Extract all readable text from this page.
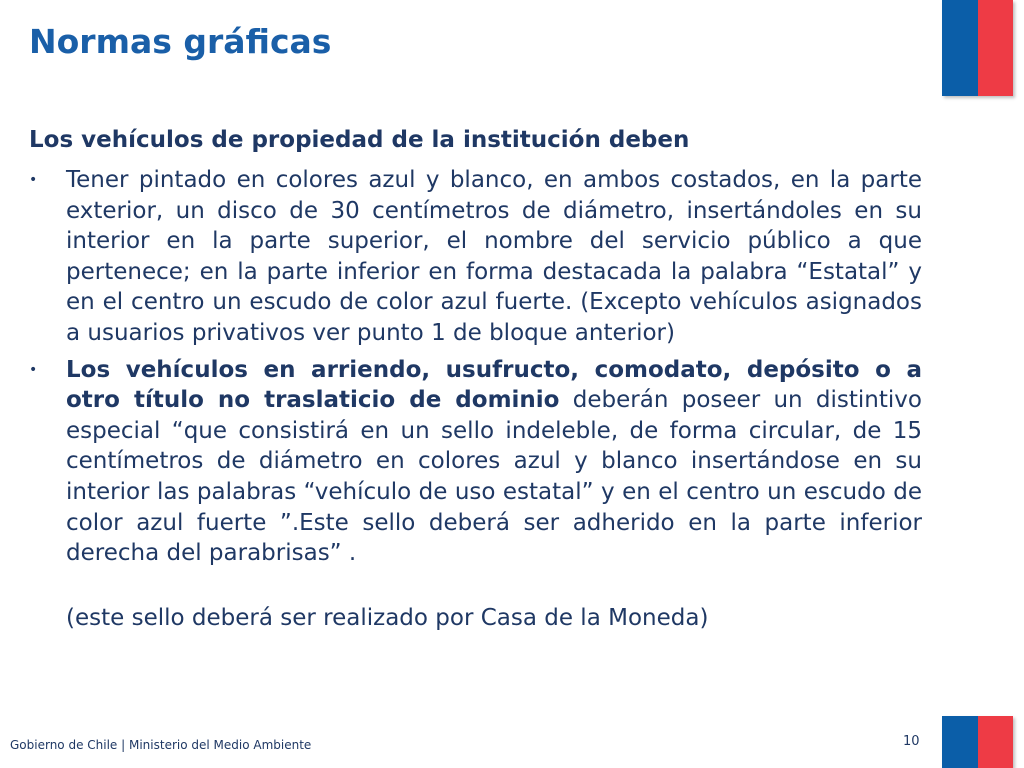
Normas gráficas
Los vehículos de propiedad de la institución deben
• Tener pintado en colores azul y blanco, en ambos costados, en la parte exterior, un disco de 30 centímetros de diámetro, insertándoles en su interior en la parte superior, el nombre del servicio público a que pertenece; en la parte inferior en forma destacada la palabra “Estatal” y en el centro un escudo de color azul fuerte. (Excepto vehículos asignados a usuarios privativos ver punto 1 de bloque anterior)
• Los vehículos en arriendo, usufructo, comodato, depósito o a otro título no traslaticio de dominio deberán poseer un distintivo especial “que consistirá en un sello indeleble, de forma circular, de 15 centímetros de diámetro en colores azul y blanco insertándose en su interior las palabras “vehículo de uso estatal” y en el centro un escudo de color azul fuerte ”.Este sello deberá ser adherido en la parte inferior derecha del parabrisas” .

(este sello deberá ser realizado por Casa de la Moneda)

Gobierno de Chile | Ministerio del Medio Ambiente	10
